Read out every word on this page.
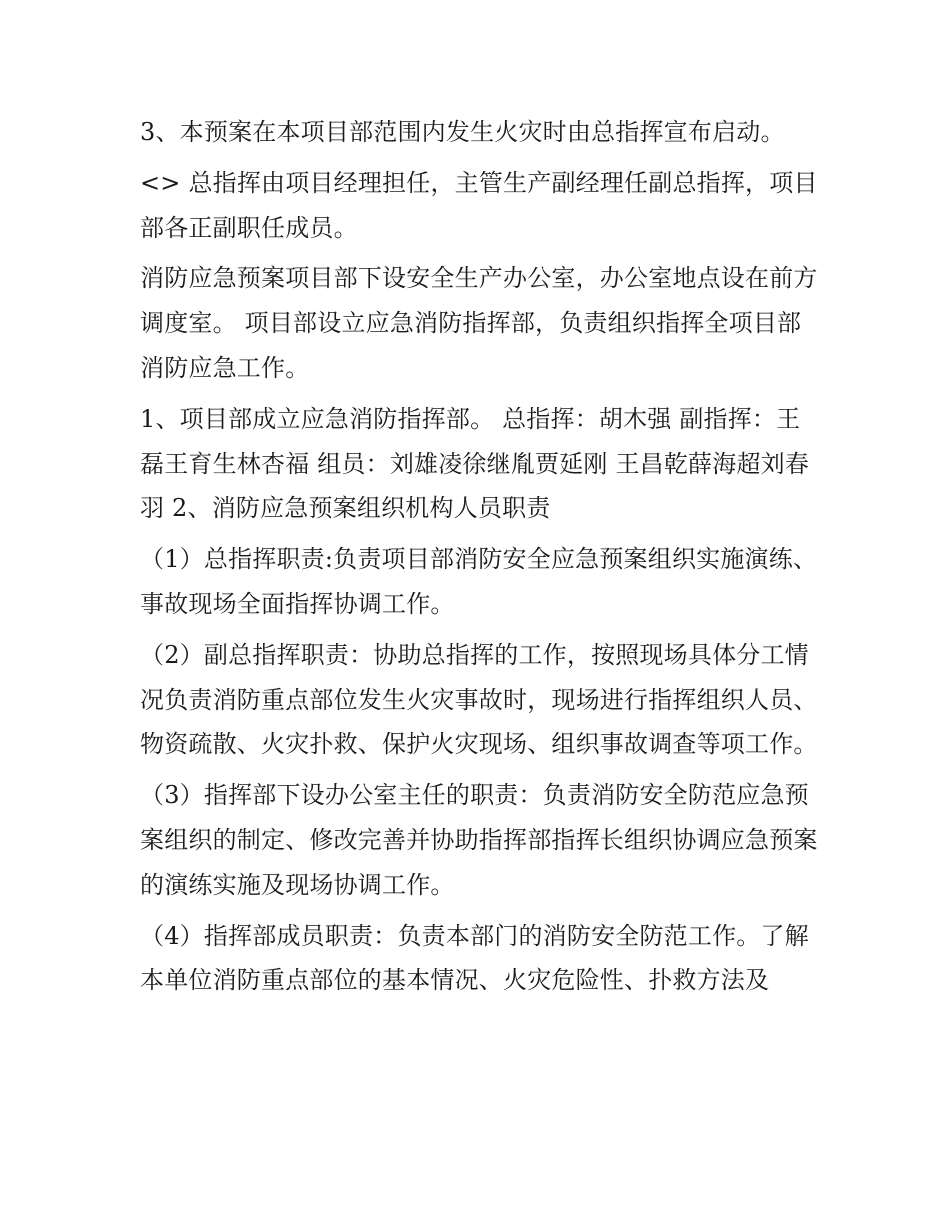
3、本预案在本项目部范围内发生火灾时由总指挥宣布启动。

<> 总指挥由项目经理担任，主管生产副经理任副总指挥，项目部各正副职任成员。

消防应急预案项目部下设安全生产办公室，办公室地点设在前方调度室。 项目部设立应急消防指挥部，负责组织指挥全项目部消防应急工作。

1、项目部成立应急消防指挥部。 总指挥：胡木强 副指挥：王磊王育生林杏福 组员：刘雄凌徐继胤贾延刚 王昌乾薛海超刘春羽 2、消防应急预案组织机构人员职责

（1）总指挥职责:负责项目部消防安全应急预案组织实施演练、事故现场全面指挥协调工作。

（2）副总指挥职责：协助总指挥的工作，按照现场具体分工情况负责消防重点部位发生火灾事故时，现场进行指挥组织人员、物资疏散、火灾扑救、保护火灾现场、组织事故调查等项工作。

（3）指挥部下设办公室主任的职责：负责消防安全防范应急预案组织的制定、修改完善并协助指挥部指挥长组织协调应急预案的演练实施及现场协调工作。

（4）指挥部成员职责：负责本部门的消防安全防范工作。了解本单位消防重点部位的基本情况、火灾危险性、扑救方法及
